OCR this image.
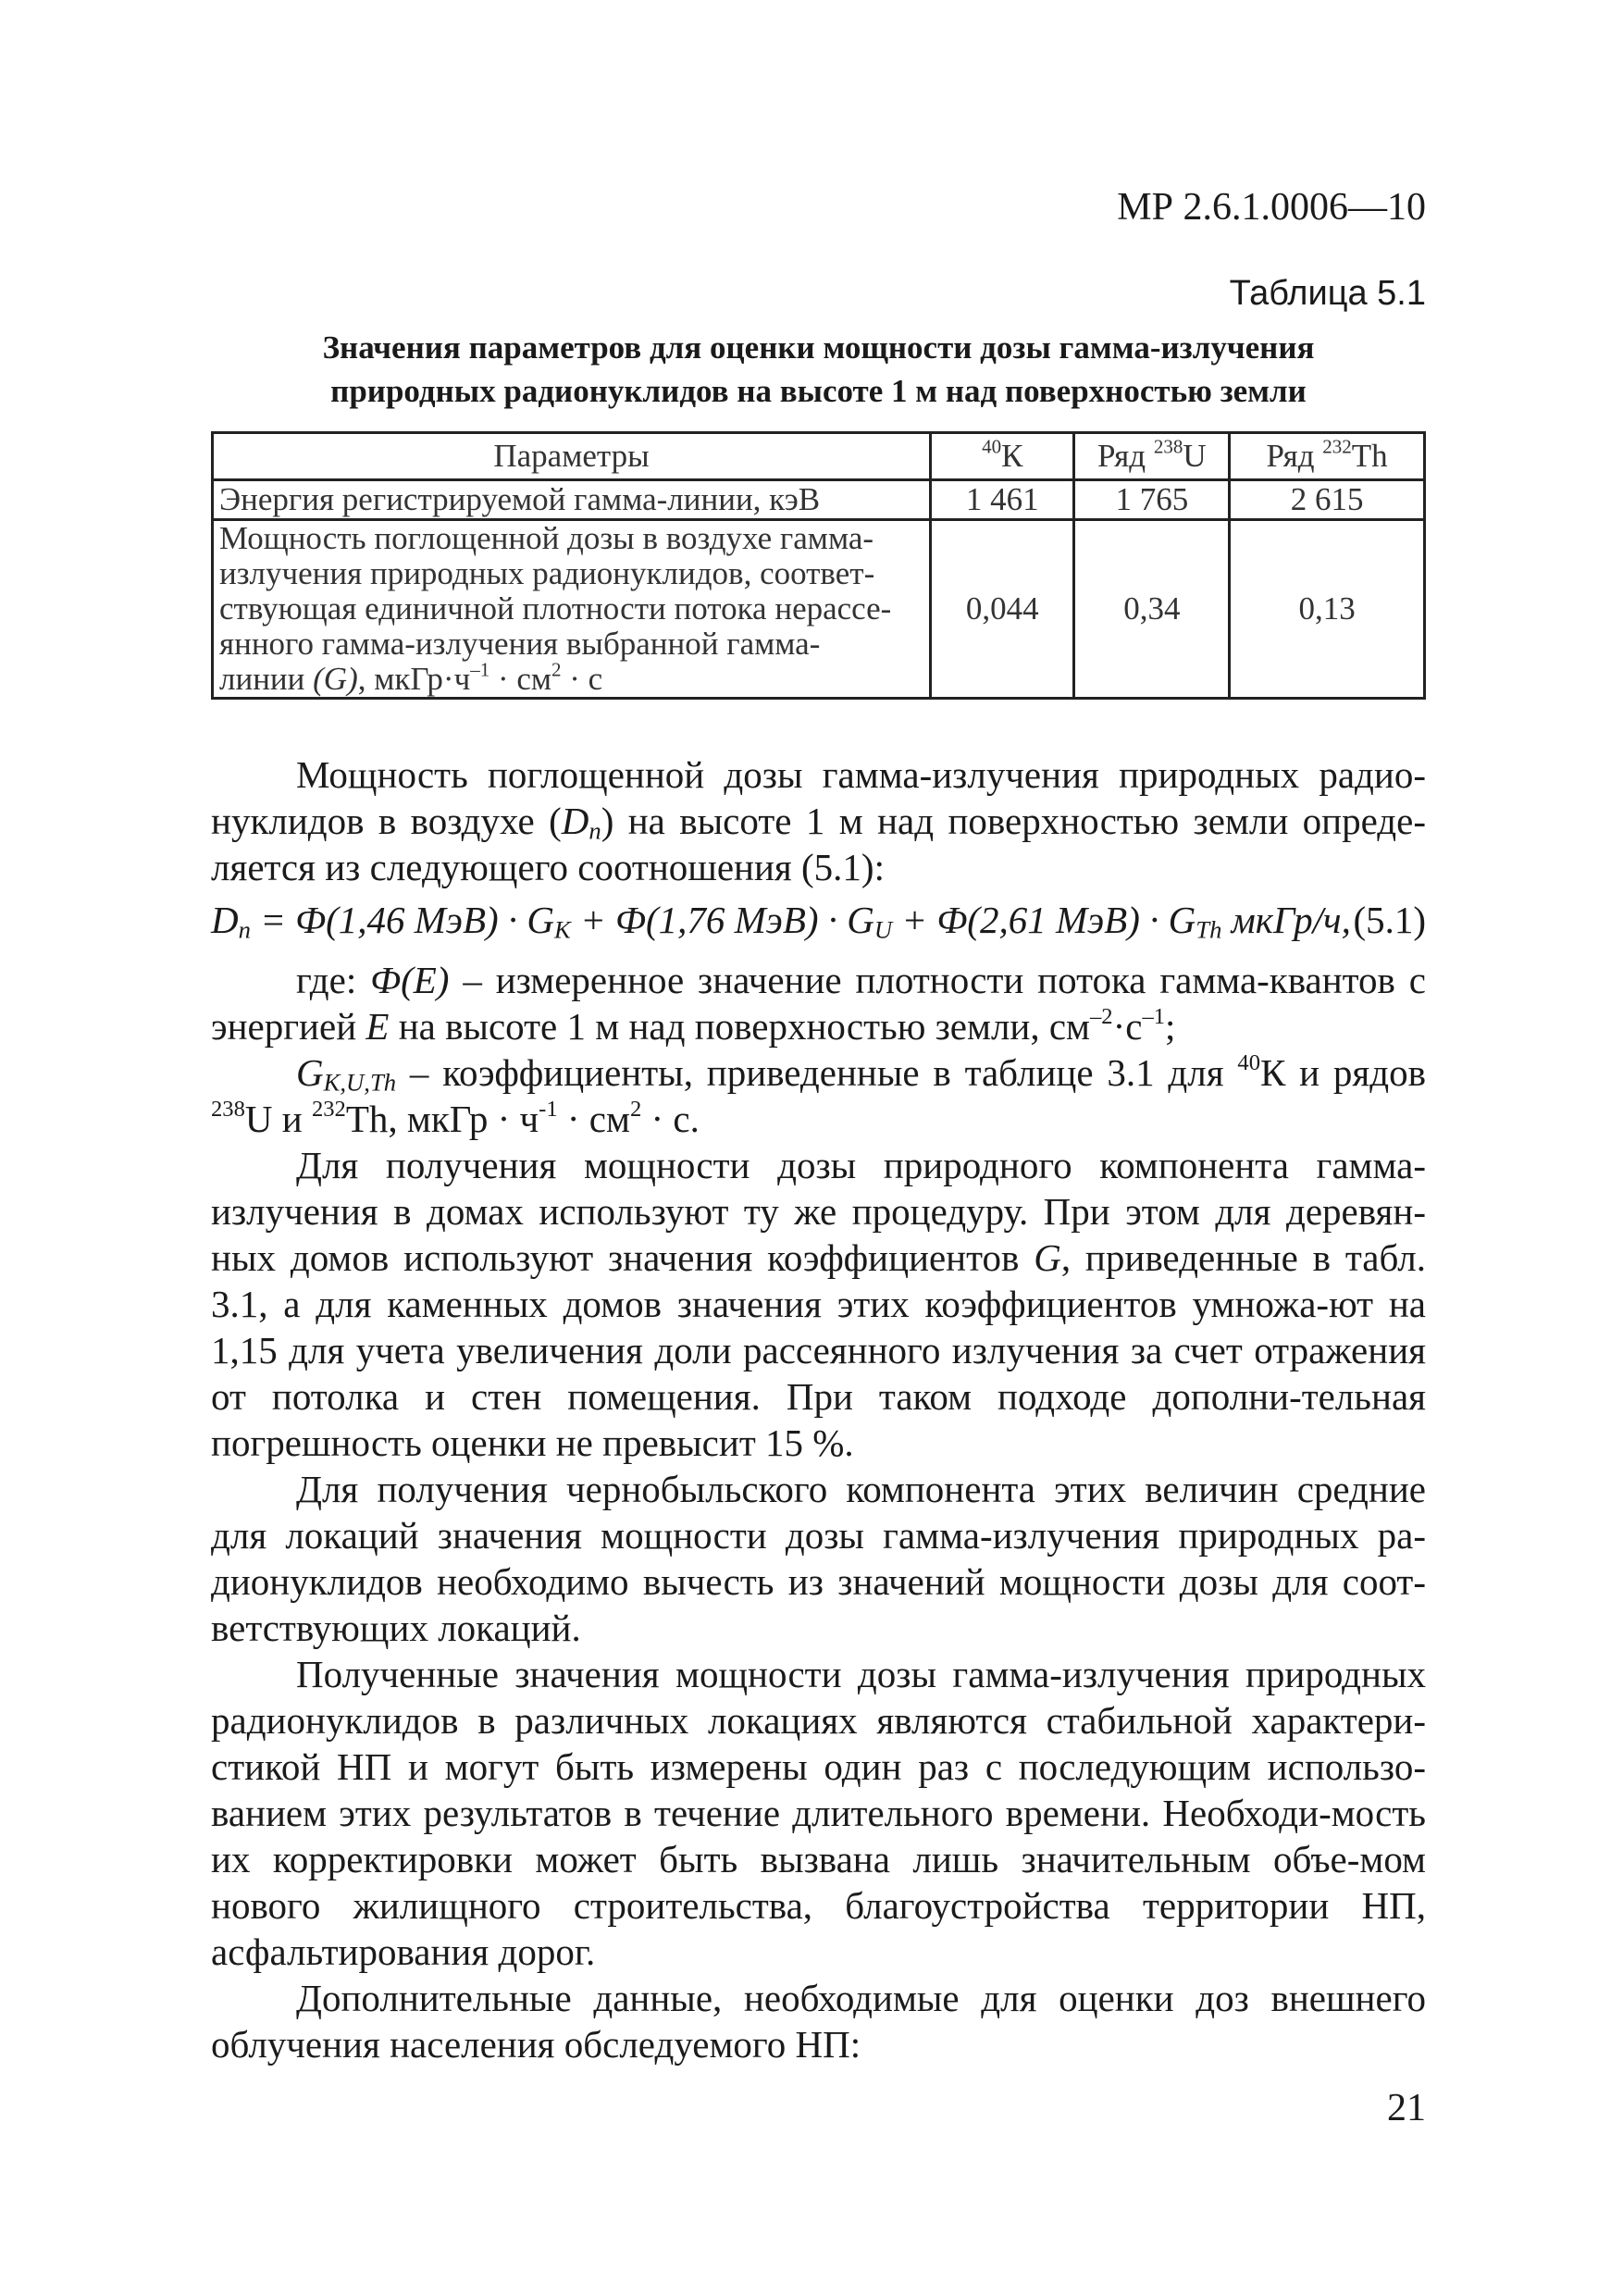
МР 2.6.1.0006—10
Таблица 5.1
Значения параметров для оценки мощности дозы гамма-излучения
природных радионуклидов на высоте 1 м над поверхностью земли
Параметры	$^{40}$К	Ряд $^{238}$U	Ряд $^{232}$Th
Энергия регистрируемой гамма-линии, кэВ	1 461	1 765	2 615

Мощность поглощенной дозы в воздухе гамма-
излучения природных радионуклидов, соответ-
ствующая единичной плотности потока нерассе-
янного гамма-излучения выбранной гамма-
линии (G), $мкГр\cdot ч^{-1} \cdot см^2 \cdot с$	0,044	0,34	0,13

Мощность поглощенной дозы гамма-излучения природных радио-нуклидов в воздухе $(D_n)$ на высоте 1 м над поверхностью земли опреде-ляется из следующего соотношения (5.1):

$D_n = Ф(1,46$ $МэВ) \cdot G_K + Ф(1,76$ $МэВ) \cdot G_U + Ф(2,61$ $МэВ) \cdot G_{Th}$ мкГр/ч, (5.1)

где: Ф(E) – измеренное значение плотности потока гамма-квантов с энергией E на высоте 1 м над поверхностью земли, $см^{-2}\cdot с^{-1}$;

$G_{K,U,Th}$ – коэффициенты, приведенные в таблице 3.1 для $^{40}$К и рядов $^{238}$U и $^{232}$Th, мкГр · $ч^{-1} \cdot см^2 \cdot с$.

Для получения мощности дозы природного компонента гамма-излучения в домах используют ту же процедуру. При этом для деревян-ных домов используют значения коэффициентов G, приведенные в табл. 3.1, а для каменных домов значения этих коэффициентов умножа-ют на 1,15 для учета увеличения доли рассеянного излучения за счет отражения от потолка и стен помещения. При таком подходе дополни-тельная погрешность оценки не превысит 15 %.

Для получения чернобыльского компонента этих величин средние для локаций значения мощности дозы гамма-излучения природных ра-дионуклидов необходимо вычесть из значений мощности дозы для соот-ветствующих локаций.

Полученные значения мощности дозы гамма-излучения природных радионуклидов в различных локациях являются стабильной характери-стикой НП и могут быть измерены один раз с последующим использо-ванием этих результатов в течение длительного времени. Необходи-мость их корректировки может быть вызвана лишь значительным объе-мом нового жилищного строительства, благоустройства территории НП, асфальтирования дорог.

Дополнительные данные, необходимые для оценки доз внешнего облучения населения обследуемого НП:

21
